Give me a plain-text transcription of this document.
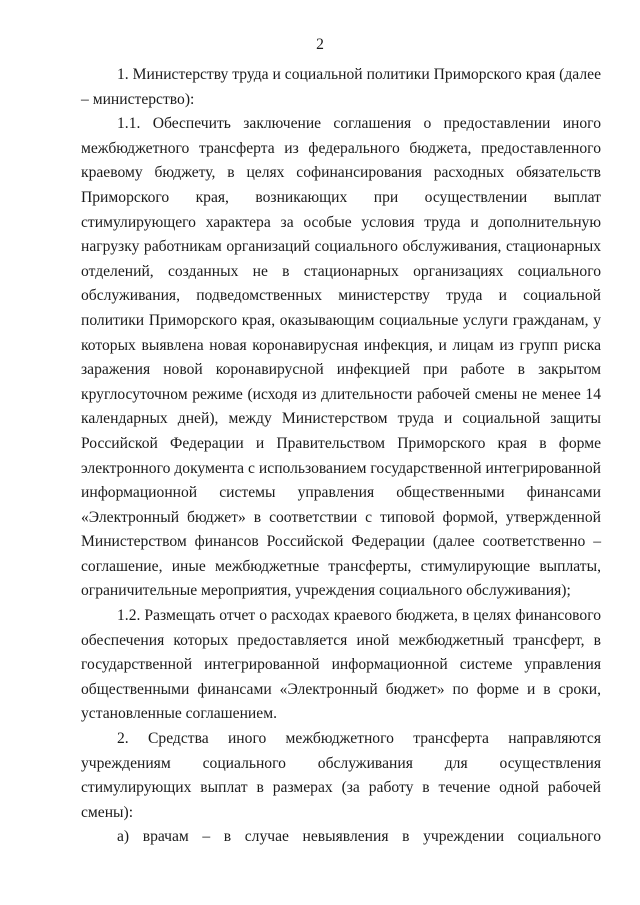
2

1. Министерству труда и социальной политики Приморского края (далее – министерство):

1.1. Обеспечить заключение соглашения о предоставлении иного межбюджетного трансферта из федерального бюджета, предоставленного краевому бюджету, в целях софинансирования расходных обязательств Приморского края, возникающих при осуществлении выплат стимулирующего характера за особые условия труда и дополнительную нагрузку работникам организаций социального обслуживания, стационарных отделений, созданных не в стационарных организациях социального обслуживания, подведомственных министерству труда и социальной политики Приморского края, оказывающим социальные услуги гражданам, у которых выявлена новая коронавирусная инфекция, и лицам из групп риска заражения новой коронавирусной инфекцией при работе в закрытом круглосуточном режиме (исходя из длительности рабочей смены не менее 14 календарных дней), между Министерством труда и социальной защиты Российской Федерации и Правительством Приморского края в форме электронного документа с использованием государственной интегрированной информационной системы управления общественными финансами «Электронный бюджет» в соответствии с типовой формой, утвержденной Министерством финансов Российской Федерации (далее соответственно – соглашение, иные межбюджетные трансферты, стимулирующие выплаты, ограничительные мероприятия, учреждения социального обслуживания);

1.2. Размещать отчет о расходах краевого бюджета, в целях финансового обеспечения которых предоставляется иной межбюджетный трансферт, в государственной интегрированной информационной системе управления общественными финансами «Электронный бюджет» по форме и в сроки, установленные соглашением.

2. Средства иного межбюджетного трансферта направляются учреждениям социального обслуживания для осуществления стимулирующих выплат в размерах (за работу в течение одной рабочей смены):

а) врачам – в случае невыявления в учреждении социального
